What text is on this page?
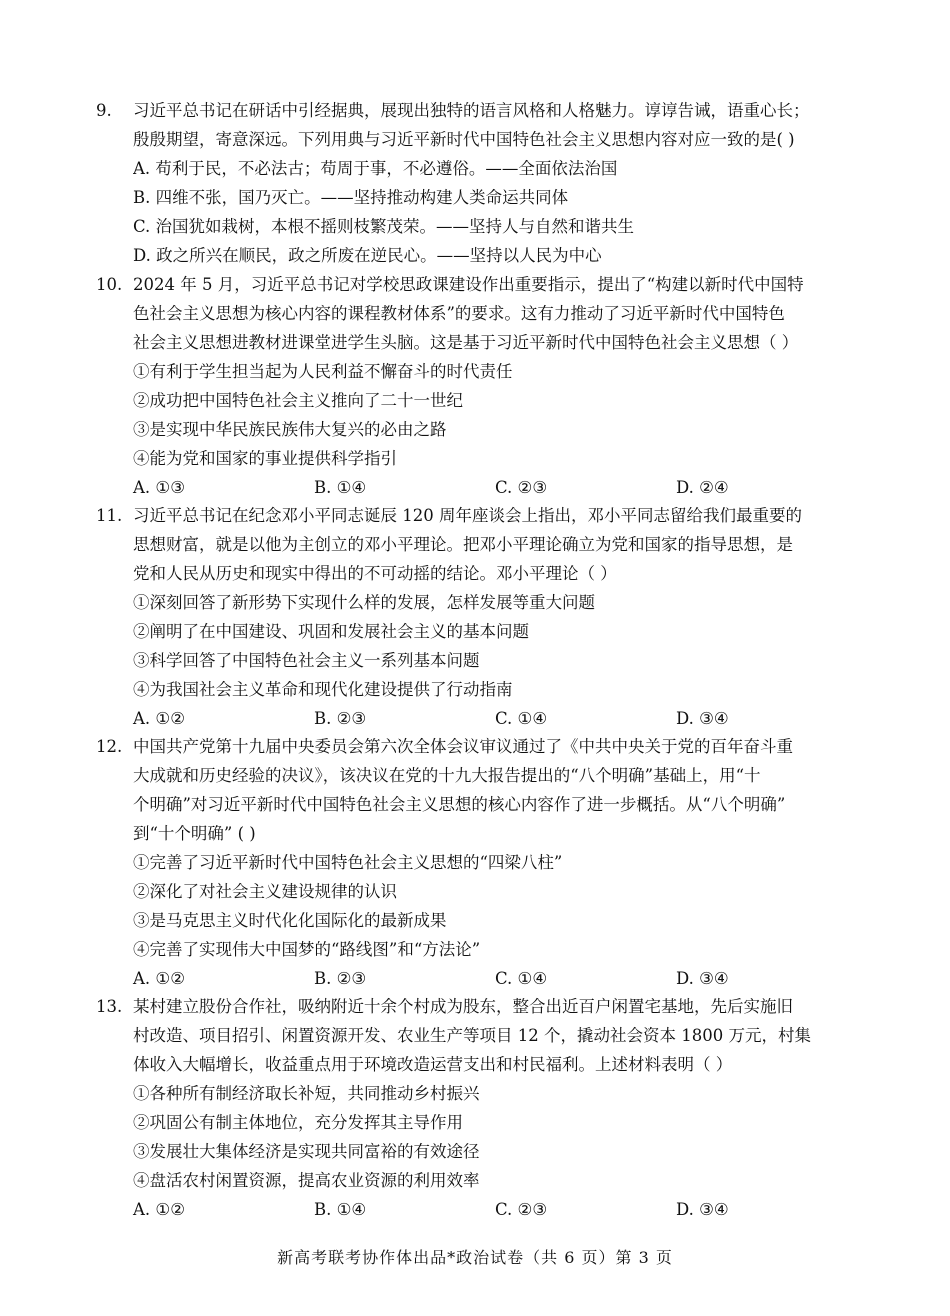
9.	习近平总书记在研话中引经据典，展现出独特的语言风格和人格魅力。谆谆告诫，语重心长；
殷殷期望，寄意深远。下列用典与习近平新时代中国特色社会主义思想内容对应一致的是( )
A. 苟利于民，不必法古；苟周于事，不必遵俗。——全面依法治国
B. 四维不张，国乃灭亡。——坚持推动构建人类命运共同体
C. 治国犹如栽树，本根不摇则枝繁茂荣。——坚持人与自然和谐共生
D. 政之所兴在顺民，政之所废在逆民心。——坚持以人民为中心
10. 2024 年 5 月，习近平总书记对学校思政课建设作出重要指示，提出了“构建以新时代中国特
色社会主义思想为核心内容的课程教材体系”的要求。这有力推动了习近平新时代中国特色
社会主义思想进教材进课堂进学生头脑。这是基于习近平新时代中国特色社会主义思想（ ）
①有利于学生担当起为人民利益不懈奋斗的时代责任
②成功把中国特色社会主义推向了二十一世纪
③是实现中华民族民族伟大复兴的必由之路
④能为党和国家的事业提供科学指引
A. ①③	B. ①④	C. ②③	D. ②④
11. 习近平总书记在纪念邓小平同志诞辰 120 周年座谈会上指出，邓小平同志留给我们最重要的
思想财富，就是以他为主创立的邓小平理论。把邓小平理论确立为党和国家的指导思想，是
党和人民从历史和现实中得出的不可动摇的结论。邓小平理论（ ）
①深刻回答了新形势下实现什么样的发展，怎样发展等重大问题
②阐明了在中国建设、巩固和发展社会主义的基本问题
③科学回答了中国特色社会主义一系列基本问题
④为我国社会主义革命和现代化建设提供了行动指南
A. ①②	B. ②③	C. ①④	D. ③④
12. 中国共产党第十九届中央委员会第六次全体会议审议通过了《中共中央关于党的百年奋斗重
大成就和历史经验的决议》，该决议在党的十九大报告提出的“八个明确”基础上，用“十
个明确”对习近平新时代中国特色社会主义思想的核心内容作了进一步概括。从“八个明确”
到“十个明确” ( )
①完善了习近平新时代中国特色社会主义思想的“四梁八柱”
②深化了对社会主义建设规律的认识
③是马克思主义时代化化国际化的最新成果
④完善了实现伟大中国梦的“路线图”和“方法论”
A. ①②	B. ②③	C. ①④	D. ③④
13. 某村建立股份合作社，吸纳附近十余个村成为股东，整合出近百户闲置宅基地，先后实施旧
村改造、项目招引、闲置资源开发、农业生产等项目 12 个，撬动社会资本 1800 万元，村集
体收入大幅增长，收益重点用于环境改造运营支出和村民福利。上述材料表明（ ）
①各种所有制经济取长补短，共同推动乡村振兴
②巩固公有制主体地位，充分发挥其主导作用
③发展壮大集体经济是实现共同富裕的有效途径
④盘活农村闲置资源，提高农业资源的利用效率
A. ①②	B. ①④	C. ②③	D. ③④
新高考联考协作体出品*政治试卷（共 6 页）第 3 页
